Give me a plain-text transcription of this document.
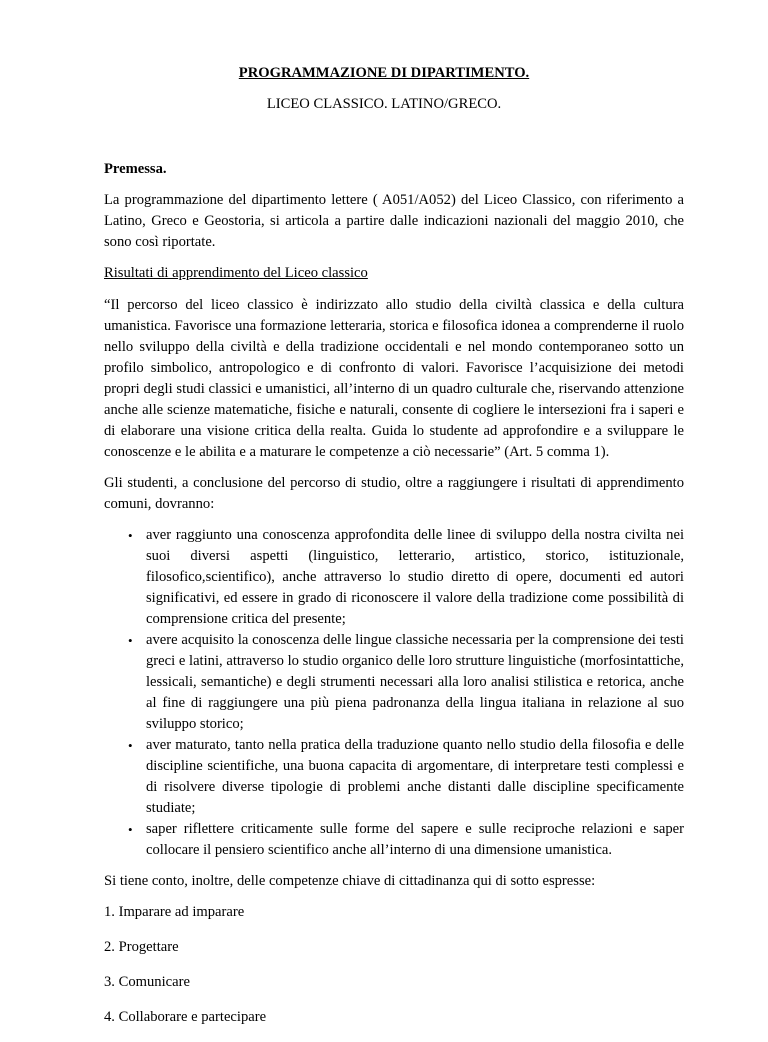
PROGRAMMAZIONE DI DIPARTIMENTO.
LICEO CLASSICO. LATINO/GRECO.

Premessa.

La programmazione del dipartimento lettere ( A051/A052) del Liceo Classico, con riferimento a Latino, Greco e Geostoria, si articola a partire dalle indicazioni nazionali del maggio 2010, che sono così riportate.

Risultati di apprendimento del Liceo classico

“Il percorso del liceo classico è indirizzato allo studio della civiltà classica e della cultura umanistica. Favorisce una formazione letteraria, storica e filosofica idonea a comprenderne il ruolo nello sviluppo della civiltà e della tradizione occidentali e nel mondo contemporaneo sotto un profilo simbolico, antropologico e di confronto di valori. Favorisce l’acquisizione dei metodi propri degli studi classici e umanistici, all’interno di un quadro culturale che, riservando attenzione anche alle scienze matematiche, fisiche e naturali, consente di cogliere le intersezioni fra i saperi e di elaborare una visione critica della realta. Guida lo studente ad approfondire e a sviluppare le conoscenze e le abilita e a maturare le competenze a ciò necessarie” (Art. 5 comma 1).

Gli studenti, a conclusione del percorso di studio, oltre a raggiungere i risultati di apprendimento comuni, dovranno:

• aver raggiunto una conoscenza approfondita delle linee di sviluppo della nostra civilta nei suoi diversi aspetti (linguistico, letterario, artistico, storico, istituzionale, filosofico,scientifico), anche attraverso lo studio diretto di opere, documenti ed autori significativi, ed essere in grado di riconoscere il valore della tradizione come possibilità di comprensione critica del presente;
• avere acquisito la conoscenza delle lingue classiche necessaria per la comprensione dei testi greci e latini, attraverso lo studio organico delle loro strutture linguistiche (morfosintattiche, lessicali, semantiche) e degli strumenti necessari alla loro analisi stilistica e retorica, anche al fine di raggiungere una più piena padronanza della lingua italiana in relazione al suo sviluppo storico;
• aver maturato, tanto nella pratica della traduzione quanto nello studio della filosofia e delle discipline scientifiche, una buona capacita di argomentare, di interpretare testi complessi e di risolvere diverse tipologie di problemi anche distanti dalle discipline specificamente studiate;
• saper riflettere criticamente sulle forme del sapere e sulle reciproche relazioni e saper collocare il pensiero scientifico anche all’interno di una dimensione umanistica.

Si tiene conto, inoltre, delle competenze chiave di cittadinanza qui di sotto espresse:

1. Imparare ad imparare

2. Progettare

3. Comunicare

4. Collaborare e partecipare
